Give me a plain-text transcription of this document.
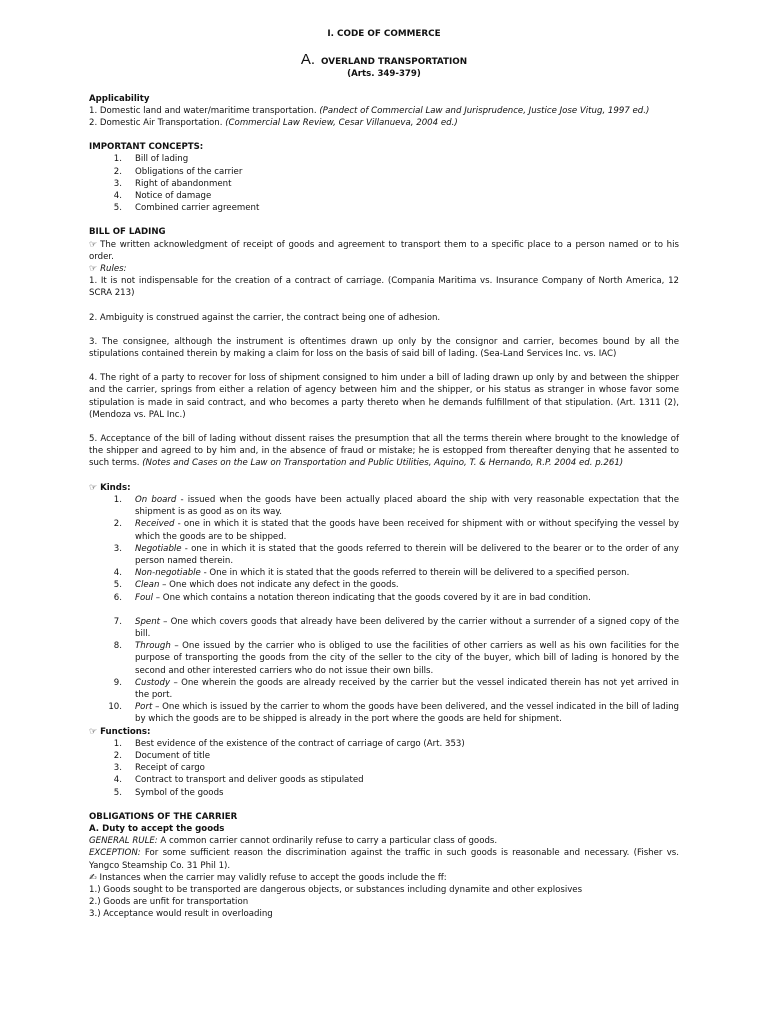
I. CODE OF COMMERCE
A. OVERLAND TRANSPORTATION
(Arts. 349-379)
Applicability
1. Domestic land and water/maritime transportation. (Pandect of Commercial Law and Jurisprudence, Justice Jose Vitug, 1997 ed.)
2. Domestic Air Transportation. (Commercial Law Review, Cesar Villanueva, 2004 ed.)
IMPORTANT CONCEPTS:
1. Bill of lading
2. Obligations of the carrier
3. Right of abandonment
4. Notice of damage
5. Combined carrier agreement
BILL OF LADING
☞ The written acknowledgment of receipt of goods and agreement to transport them to a specific place to a person named or to his order.
☞ Rules:
1. It is not indispensable for the creation of a contract of carriage. (Compania Maritima vs. Insurance Company of North America, 12 SCRA 213)
2. Ambiguity is construed against the carrier, the contract being one of adhesion.
3. The consignee, although the instrument is oftentimes drawn up only by the consignor and carrier, becomes bound by all the stipulations contained therein by making a claim for loss on the basis of said bill of lading. (Sea-Land Services Inc. vs. IAC)
4. The right of a party to recover for loss of shipment consigned to him under a bill of lading drawn up only by and between the shipper and the carrier, springs from either a relation of agency between him and the shipper, or his status as stranger in whose favor some stipulation is made in said contract, and who becomes a party thereto when he demands fulfillment of that stipulation. (Art. 1311 (2), (Mendoza vs. PAL Inc.)
5. Acceptance of the bill of lading without dissent raises the presumption that all the terms therein where brought to the knowledge of the shipper and agreed to by him and, in the absence of fraud or mistake; he is estopped from thereafter denying that he assented to such terms. (Notes and Cases on the Law on Transportation and Public Utilities, Aquino, T. & Hernando, R.P. 2004 ed. p.261)
☞ Kinds:
1. On board - issued when the goods have been actually placed aboard the ship with very reasonable expectation that the shipment is as good as on its way.
2. Received - one in which it is stated that the goods have been received for shipment with or without specifying the vessel by which the goods are to be shipped.
3. Negotiable - one in which it is stated that the goods referred to therein will be delivered to the bearer or to the order of any person named therein.
4. Non-negotiable - One in which it is stated that the goods referred to therein will be delivered to a specified person.
5. Clean – One which does not indicate any defect in the goods.
6. Foul – One which contains a notation thereon indicating that the goods covered by it are in bad condition.
7. Spent – One which covers goods that already have been delivered by the carrier without a surrender of a signed copy of the bill.
8. Through – One issued by the carrier who is obliged to use the facilities of other carriers as well as his own facilities for the purpose of transporting the goods from the city of the seller to the city of the buyer, which bill of lading is honored by the second and other interested carriers who do not issue their own bills.
9. Custody – One wherein the goods are already received by the carrier but the vessel indicated therein has not yet arrived in the port.
10. Port – One which is issued by the carrier to whom the goods have been delivered, and the vessel indicated in the bill of lading by which the goods are to be shipped is already in the port where the goods are held for shipment.
☞ Functions:
1. Best evidence of the existence of the contract of carriage of cargo (Art. 353)
2. Document of title
3. Receipt of cargo
4. Contract to transport and deliver goods as stipulated
5. Symbol of the goods
OBLIGATIONS OF THE CARRIER
A. Duty to accept the goods
GENERAL RULE: A common carrier cannot ordinarily refuse to carry a particular class of goods.
EXCEPTION: For some sufficient reason the discrimination against the traffic in such goods is reasonable and necessary. (Fisher vs. Yangco Steamship Co. 31 Phil 1).
✍ Instances when the carrier may validly refuse to accept the goods include the ff:
1.) Goods sought to be transported are dangerous objects, or substances including dynamite and other explosives
2.) Goods are unfit for transportation
3.) Acceptance would result in overloading
